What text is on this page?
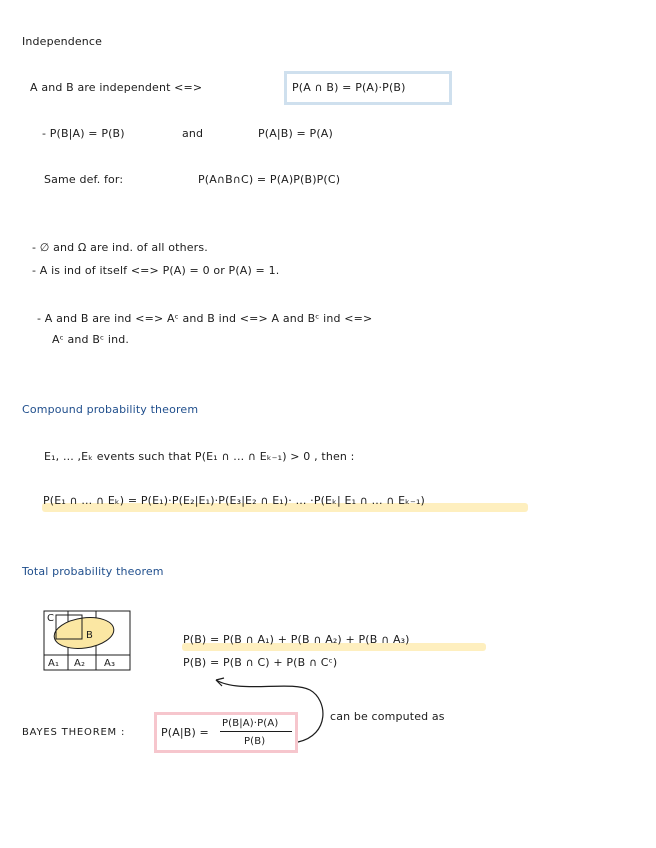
Independence
A and B are independent <=>	P(A ∩ B) = P(A)·P(B)
- P(B|A) = P(B)	and	P(A|B) = P(A)
Same def. for:	P(A∩B∩C) = P(A)P(B)P(C)
- ∅ and Ω are ind. of all others.
- A is ind of itself <=> P(A) = 0 or P(A) = 1.
- A and B are ind <=> Aᶜ and B ind <=> A and Bᶜ ind <=>
Aᶜ and Bᶜ ind.
Compound probability theorem
E₁, ... ,Eₖ events such that P(E₁ ∩ ... ∩ Eₖ₋₁) > 0 , then :
P(E₁ ∩ ... ∩ Eₖ) = P(E₁)·P(E₂|E₁)·P(E₃|E₂ ∩ E₁)· ... ·P(Eₖ| E₁ ∩ ... ∩ Eₖ₋₁)
Total probability theorem
C
B
A₁ A₂ A₃
P(B) = P(B ∩ A₁) + P(B ∩ A₂) + P(B ∩ A₃)
P(B) = P(B ∩ C) + P(B ∩ Cᶜ)
BAYES THEOREM :	P(A|B) =
P(B|A)·P(A)
P(B)
can be computed as
